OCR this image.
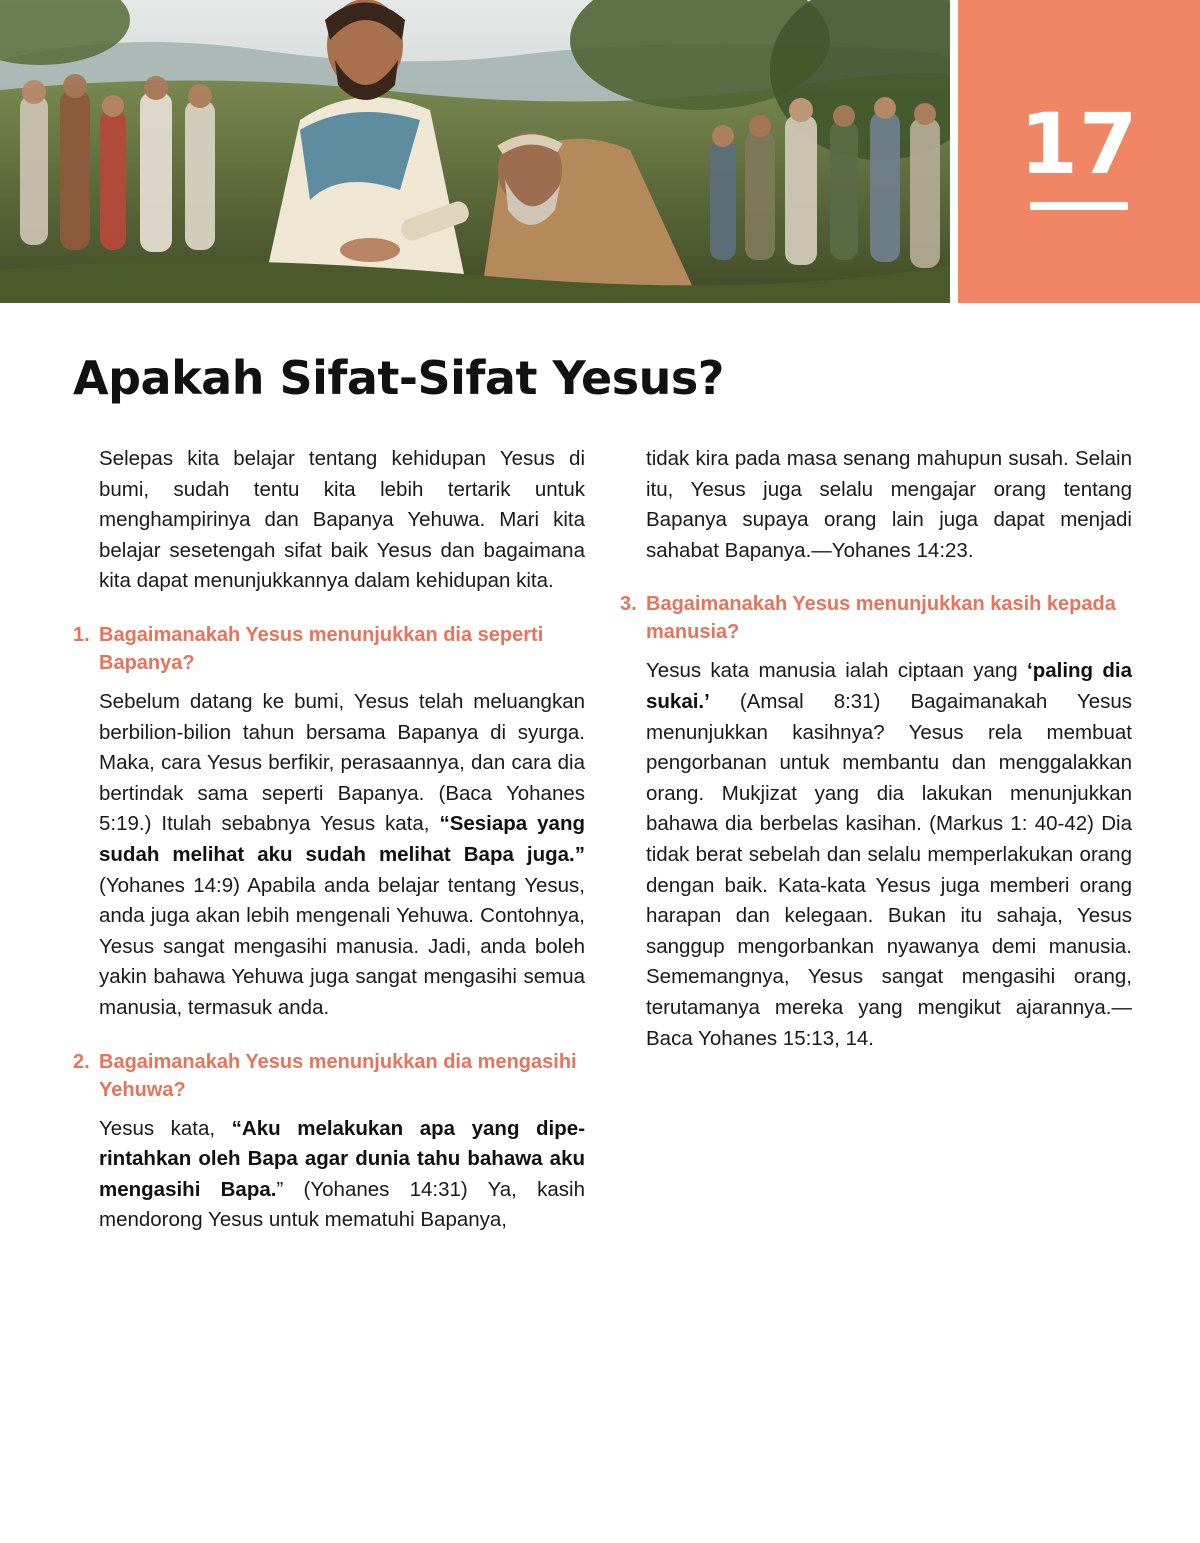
17
Apakah Sifat-Sifat Yesus?

Selepas kita belajar tentang kehidupan Yesus di bumi, sudah tentu kita lebih tertarik untuk menghampirinya dan Bapanya Yehuwa. Mari kita belajar sesetengah sifat baik Yesus dan bagaimana kita dapat menunjukkannya dalam kehidupan kita.

1. Bagaimanakah Yesus menunjukkan dia seperti Bapanya?

Sebelum datang ke bumi, Yesus telah meluangkan berbilion-bilion tahun bersama Bapanya di syurga. Maka, cara Yesus berfikir, perasaannya, dan cara dia bertindak sama seperti Bapanya. (Baca Yohanes 5:19.) Itulah sebabnya Yesus kata, “Sesiapa yang sudah melihat aku sudah melihat Bapa juga.” (Yohanes 14:9) Apabila anda belajar tentang Yesus, anda juga akan lebih mengenali Yehuwa. Contohnya, Yesus sangat mengasihi manusia. Jadi, anda boleh yakin bahawa Yehuwa juga sangat mengasihi semua manusia, termasuk anda.

2. Bagaimanakah Yesus menunjukkan dia mengasihi Yehuwa?

Yesus kata, “Aku melakukan apa yang diperintahkan oleh Bapa agar dunia tahu bahawa aku mengasihi Bapa.” (Yohanes 14:31) Ya, kasih mendorong Yesus untuk mematuhi Bapanya,

tidak kira pada masa senang mahupun susah. Selain itu, Yesus juga selalu mengajar orang tentang Bapanya supaya orang lain juga dapat menjadi sahabat Bapanya.—Yohanes 14:23.

3. Bagaimanakah Yesus menunjukkan kasih kepada manusia?

Yesus kata manusia ialah ciptaan yang ‘paling dia sukai.’ (Amsal 8:31) Bagaimanakah Yesus menunjukkan kasihnya? Yesus rela membuat pengorbanan untuk membantu dan menggalakkan orang. Mukjizat yang dia lakukan menunjukkan bahawa dia berbelas kasihan. (Markus 1: 40-42) Dia tidak berat sebelah dan selalu memperlakukan orang dengan baik. Kata-kata Yesus juga memberi orang harapan dan kelegaan. Bukan itu sahaja, Yesus sanggup mengorbankan nyawanya demi manusia. Sememangnya, Yesus sangat mengasihi orang, terutamanya mereka yang mengikut ajarannya.—Baca Yohanes 15:13, 14.
